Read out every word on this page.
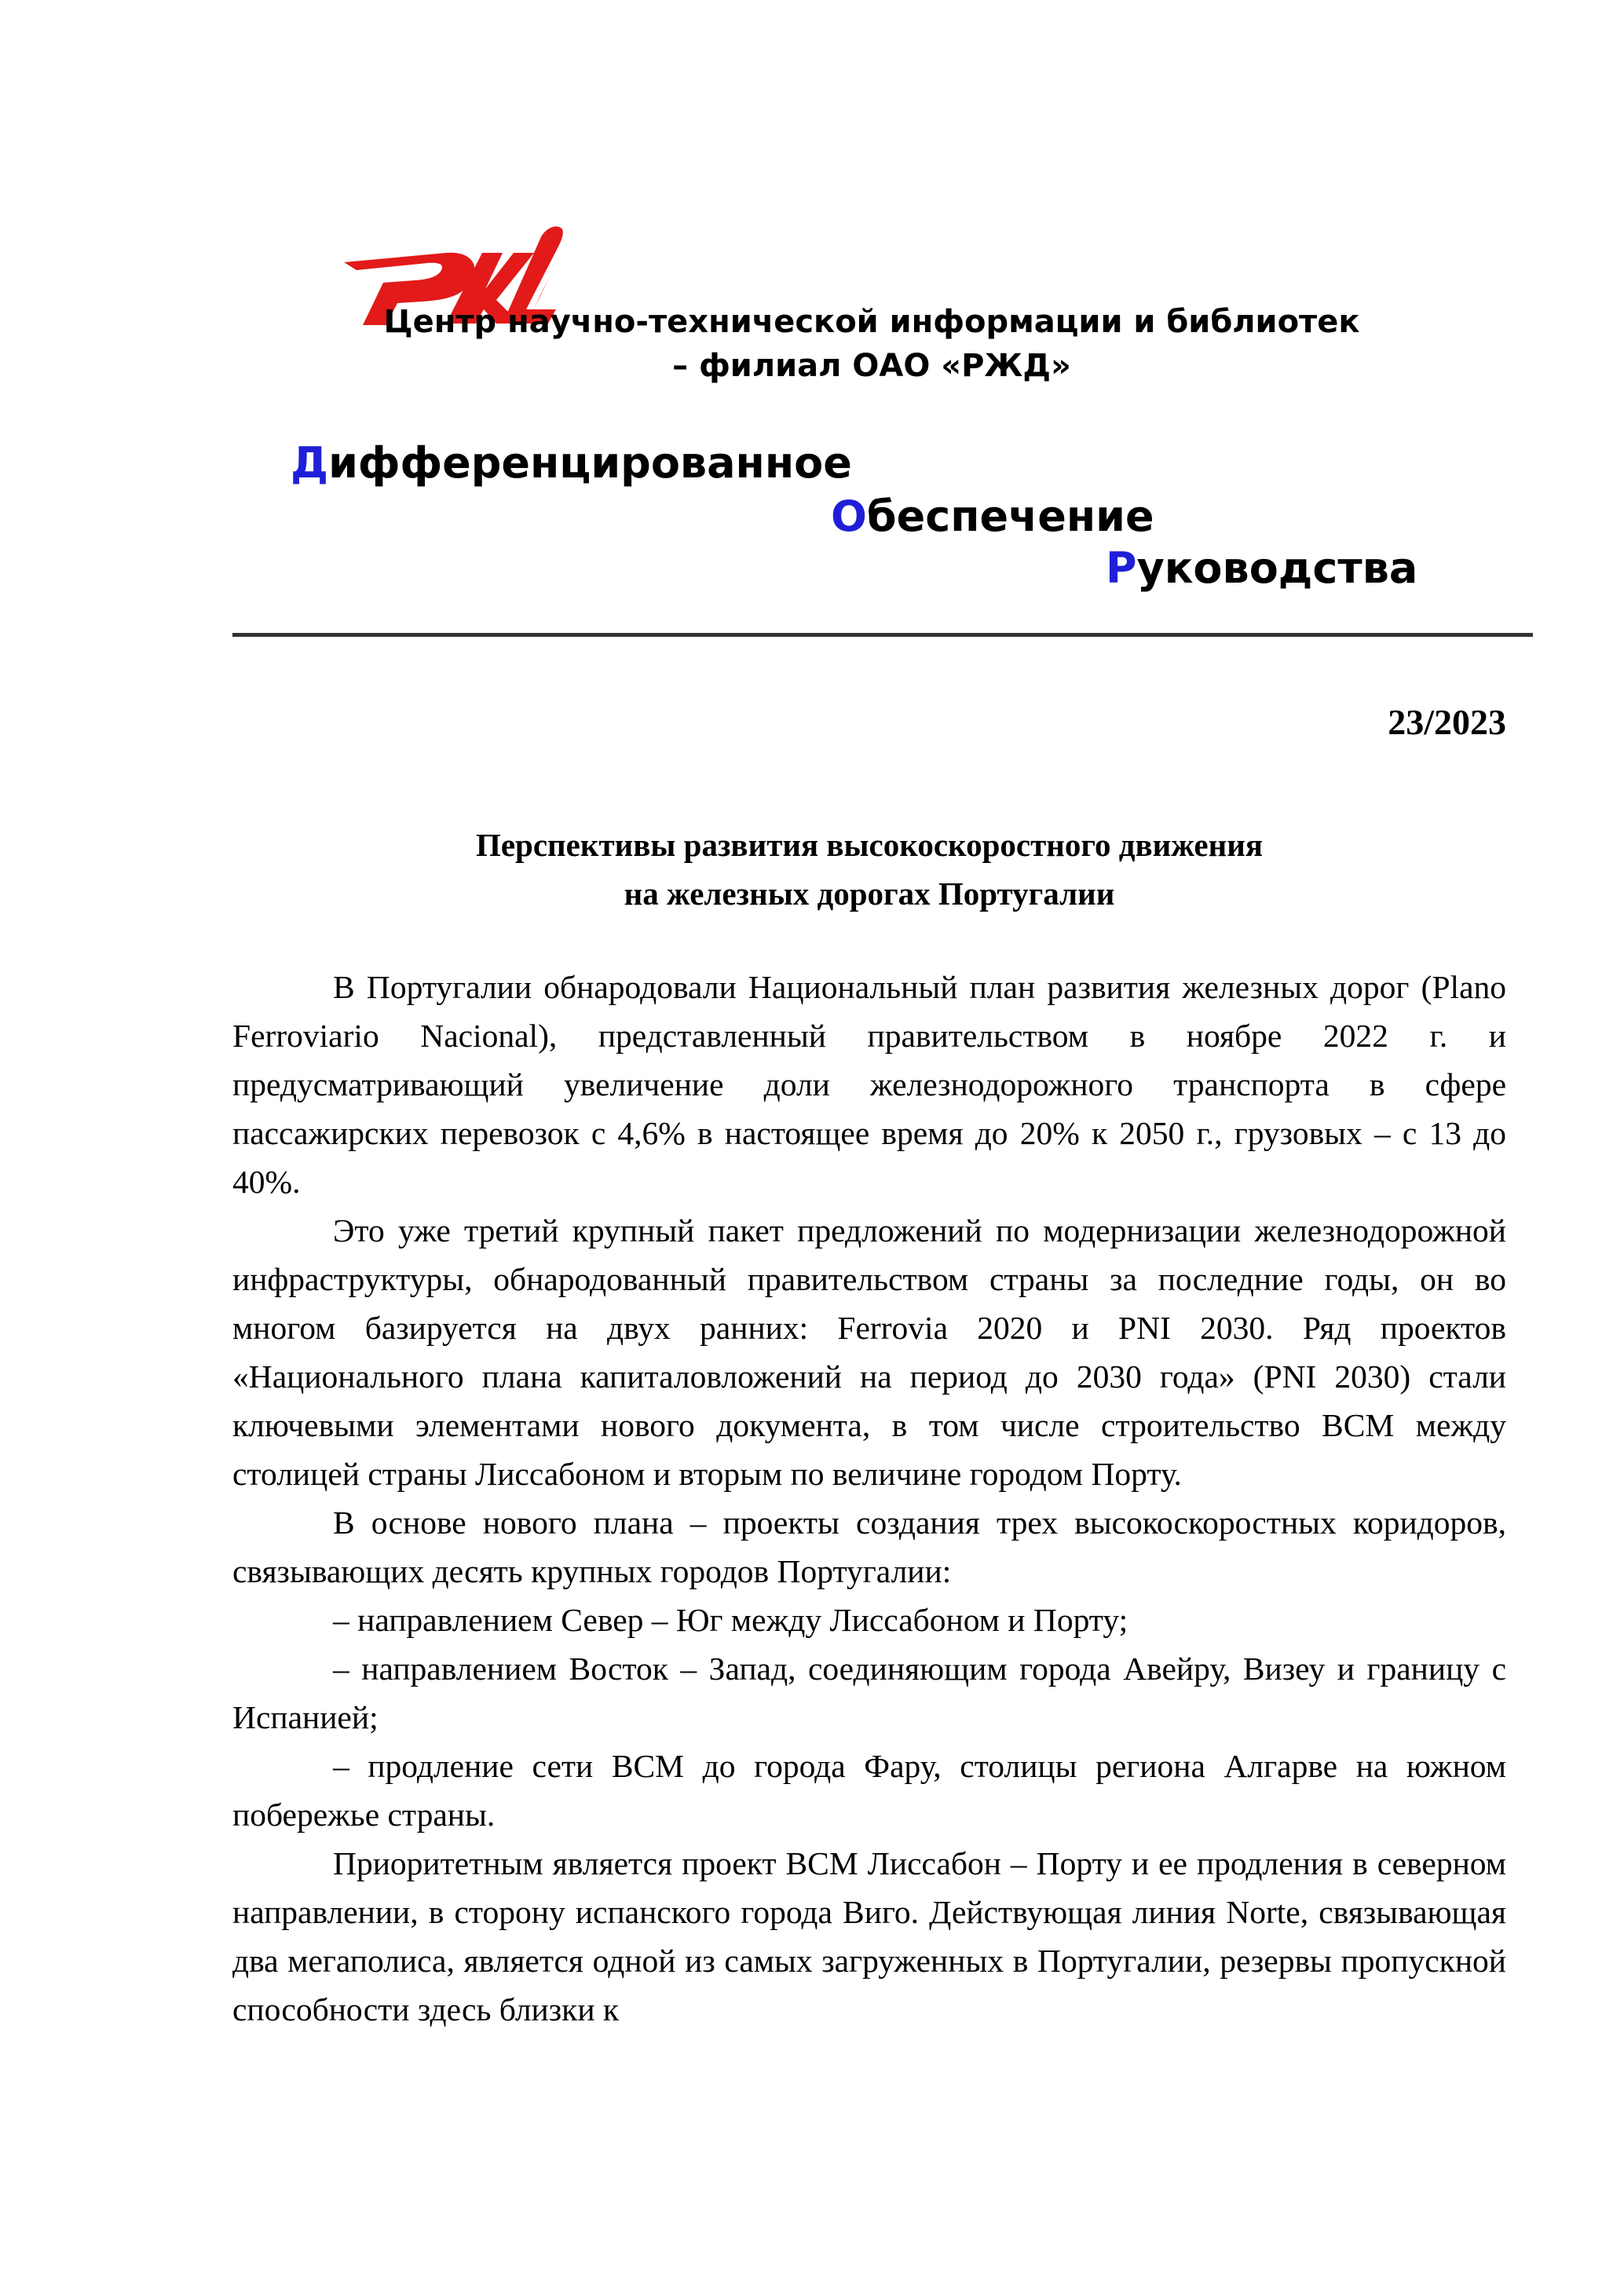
Центр научно-технической информации и библиотек
– филиал ОАО «РЖД»
Дифференцированное
Обеспечение
Руководства
23/2023
Перспективы развития высокоскоростного движения
на железных дорогах Португалии

В Португалии обнародовали Национальный план развития железных дорог (Plano Ferroviario Nacional), представленный правительством в ноябре 2022 г. и предусматривающий увеличение доли железнодорожного транспорта в сфере пассажирских перевозок с 4,6% в настоящее время до 20% к 2050 г., грузовых – с 13 до 40%.

Это уже третий крупный пакет предложений по модернизации железнодорожной инфраструктуры, обнародованный правительством страны за последние годы, он во многом базируется на двух ранних: Ferrovia 2020 и PNI 2030. Ряд проектов «Национального плана капиталовложений на период до 2030 года» (PNI 2030) стали ключевыми элементами нового документа, в том числе строительство ВСМ между столицей страны Лиссабоном и вторым по величине городом Порту.

В основе нового плана – проекты создания трех высокоскоростных коридоров, связывающих десять крупных городов Португалии:

– направлением Север – Юг между Лиссабоном и Порту;

– направлением Восток – Запад, соединяющим города Авейру, Визеу и границу с Испанией;

– продление сети ВСМ до города Фару, столицы региона Алгарве на южном побережье страны.

Приоритетным является проект ВСМ Лиссабон – Порту и ее продления в северном направлении, в сторону испанского города Виго. Действующая линия Norte, связывающая два мегаполиса, является одной из самых загруженных в Португалии, резервы пропускной способности здесь близки к
